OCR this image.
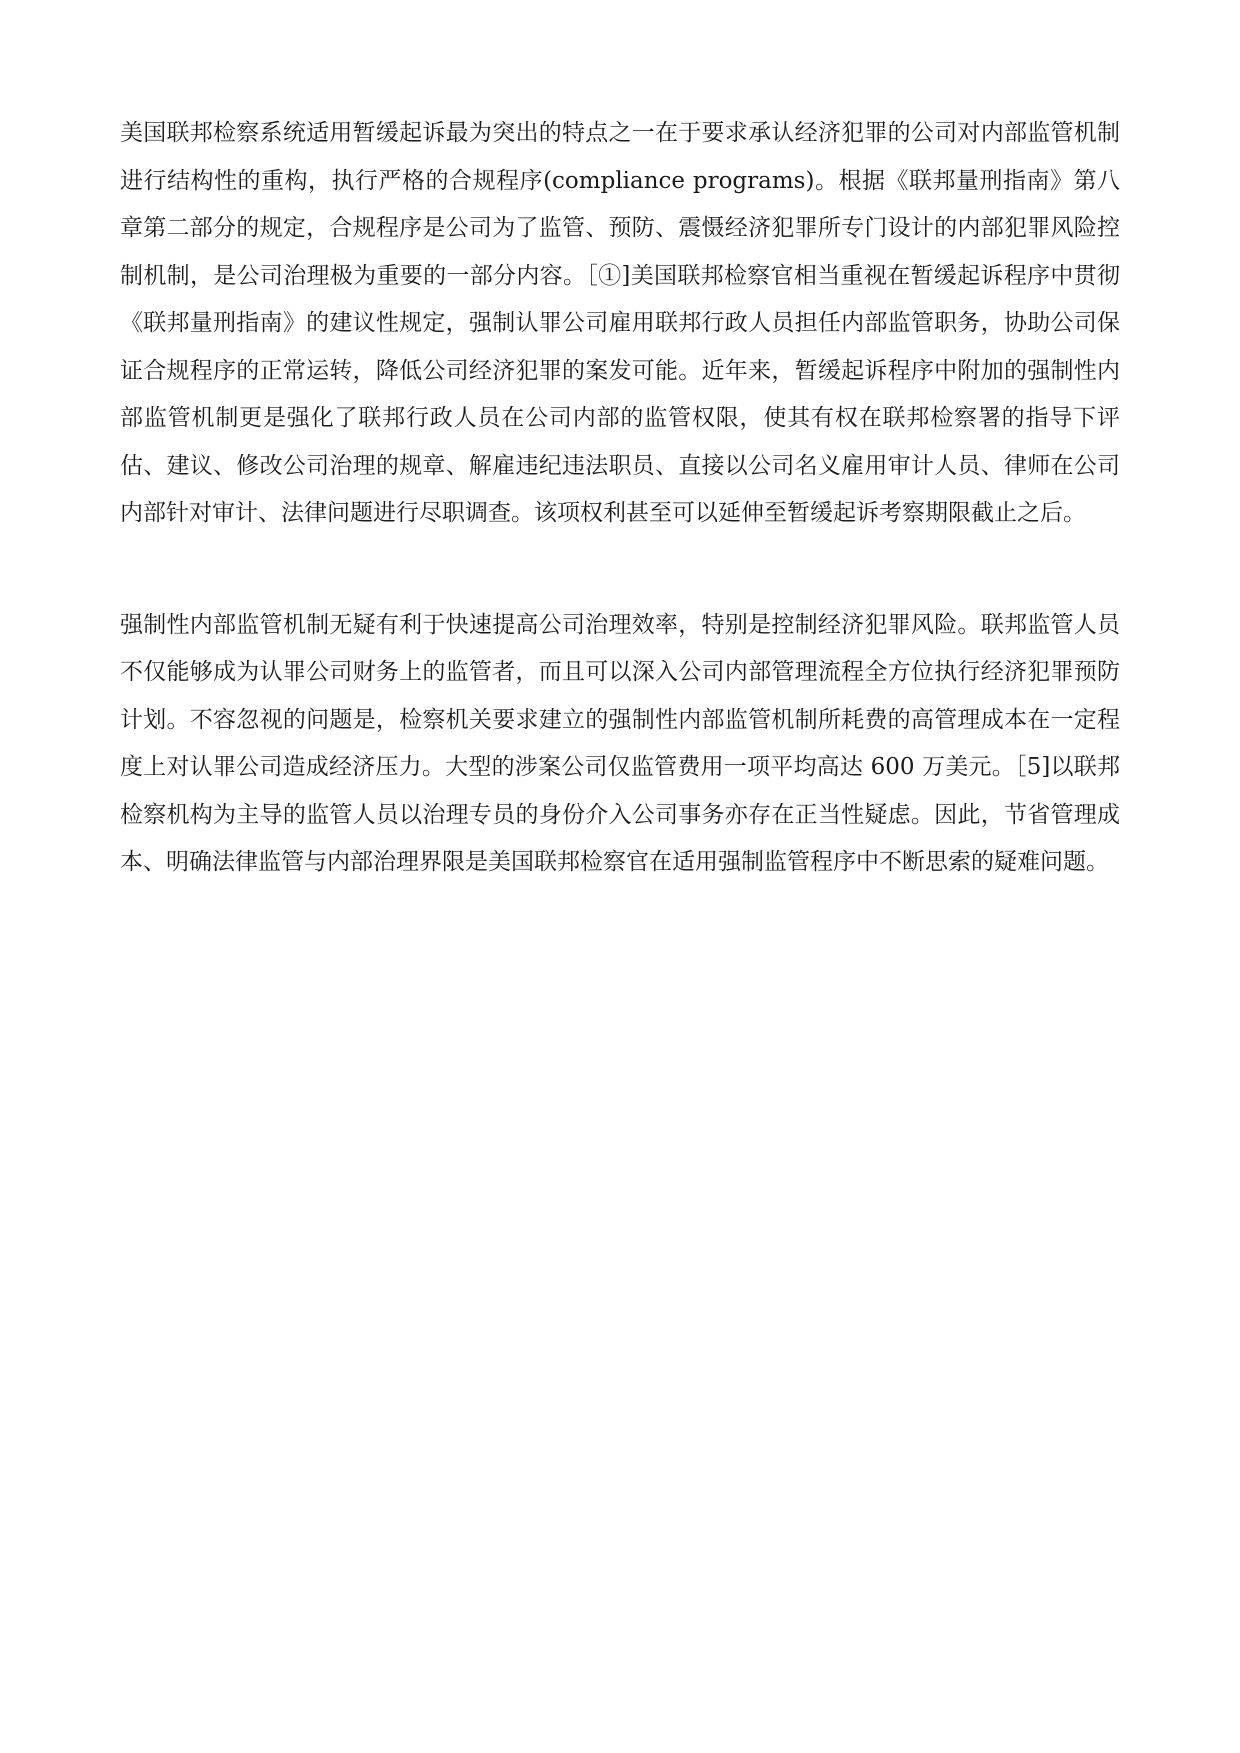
美国联邦检察系统适用暂缓起诉最为突出的特点之一在于要求承认经济犯罪的公司对内部监管机制进行结构性的重构，执行严格的合规程序(compliance programs)。根据《联邦量刑指南》第八章第二部分的规定，合规程序是公司为了监管、预防、震慑经济犯罪所专门设计的内部犯罪风险控制机制，是公司治理极为重要的一部分内容。［①]美国联邦检察官相当重视在暂缓起诉程序中贯彻《联邦量刑指南》的建议性规定，强制认罪公司雇用联邦行政人员担任内部监管职务，协助公司保证合规程序的正常运转，降低公司经济犯罪的案发可能。近年来，暂缓起诉程序中附加的强制性内部监管机制更是强化了联邦行政人员在公司内部的监管权限，使其有权在联邦检察署的指导下评估、建议、修改公司治理的规章、解雇违纪违法职员、直接以公司名义雇用审计人员、律师在公司内部针对审计、法律问题进行尽职调查。该项权利甚至可以延伸至暂缓起诉考察期限截止之后。

强制性内部监管机制无疑有利于快速提高公司治理效率，特别是控制经济犯罪风险。联邦监管人员不仅能够成为认罪公司财务上的监管者，而且可以深入公司内部管理流程全方位执行经济犯罪预防计划。不容忽视的问题是，检察机关要求建立的强制性内部监管机制所耗费的高管理成本在一定程度上对认罪公司造成经济压力。大型的涉案公司仅监管费用一项平均高达 600 万美元。［5]以联邦检察机构为主导的监管人员以治理专员的身份介入公司事务亦存在正当性疑虑。因此，节省管理成本、明确法律监管与内部治理界限是美国联邦检察官在适用强制监管程序中不断思索的疑难问题。
